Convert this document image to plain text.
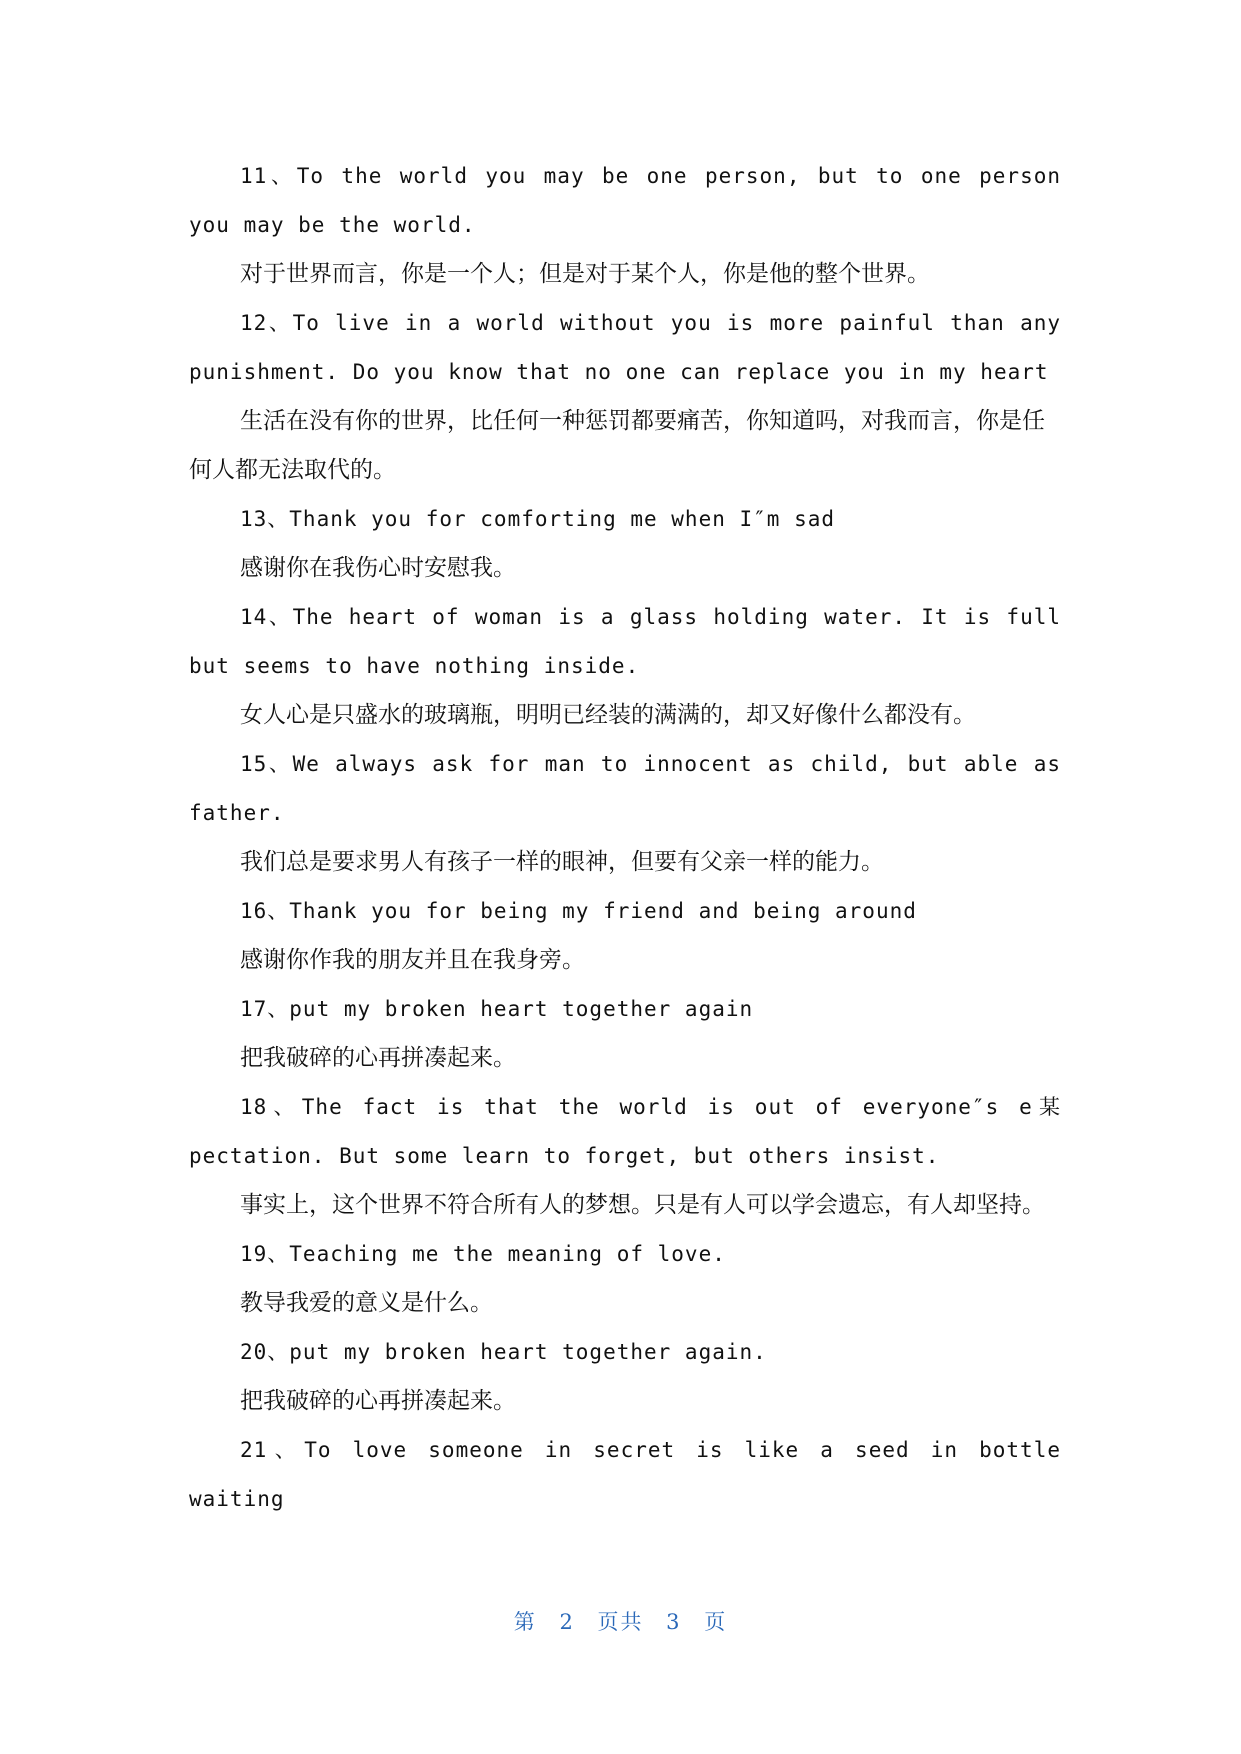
11、To the world you may be one person, but to one person you may be the world.

对于世界而言，你是一个人；但是对于某个人，你是他的整个世界。

12、To live in a world without you is more painful than any punishment. Do you know that no one can replace you in my heart

生活在没有你的世界，比任何一种惩罚都要痛苦，你知道吗，对我而言，你是任何人都无法取代的。

13、Thank you for comforting me when I″m sad

感谢你在我伤心时安慰我。

14、The heart of woman is a glass holding water. It is full but seems to have nothing inside.

女人心是只盛水的玻璃瓶，明明已经装的满满的，却又好像什么都没有。

15、We always ask for man to innocent as child, but able as father.

我们总是要求男人有孩子一样的眼神，但要有父亲一样的能力。

16、Thank you for being my friend and being around

感谢你作我的朋友并且在我身旁。

17、put my broken heart together again

把我破碎的心再拼凑起来。

18、The fact is that the world is out of everyone″s e某pectation. But some learn to forget, but others insist.

事实上，这个世界不符合所有人的梦想。只是有人可以学会遗忘，有人却坚持。

19、Teaching me the meaning of love.

教导我爱的意义是什么。

20、put my broken heart together again.

把我破碎的心再拼凑起来。

21、To love someone in secret is like a seed in bottle waiting

第 2 页共 3 页
